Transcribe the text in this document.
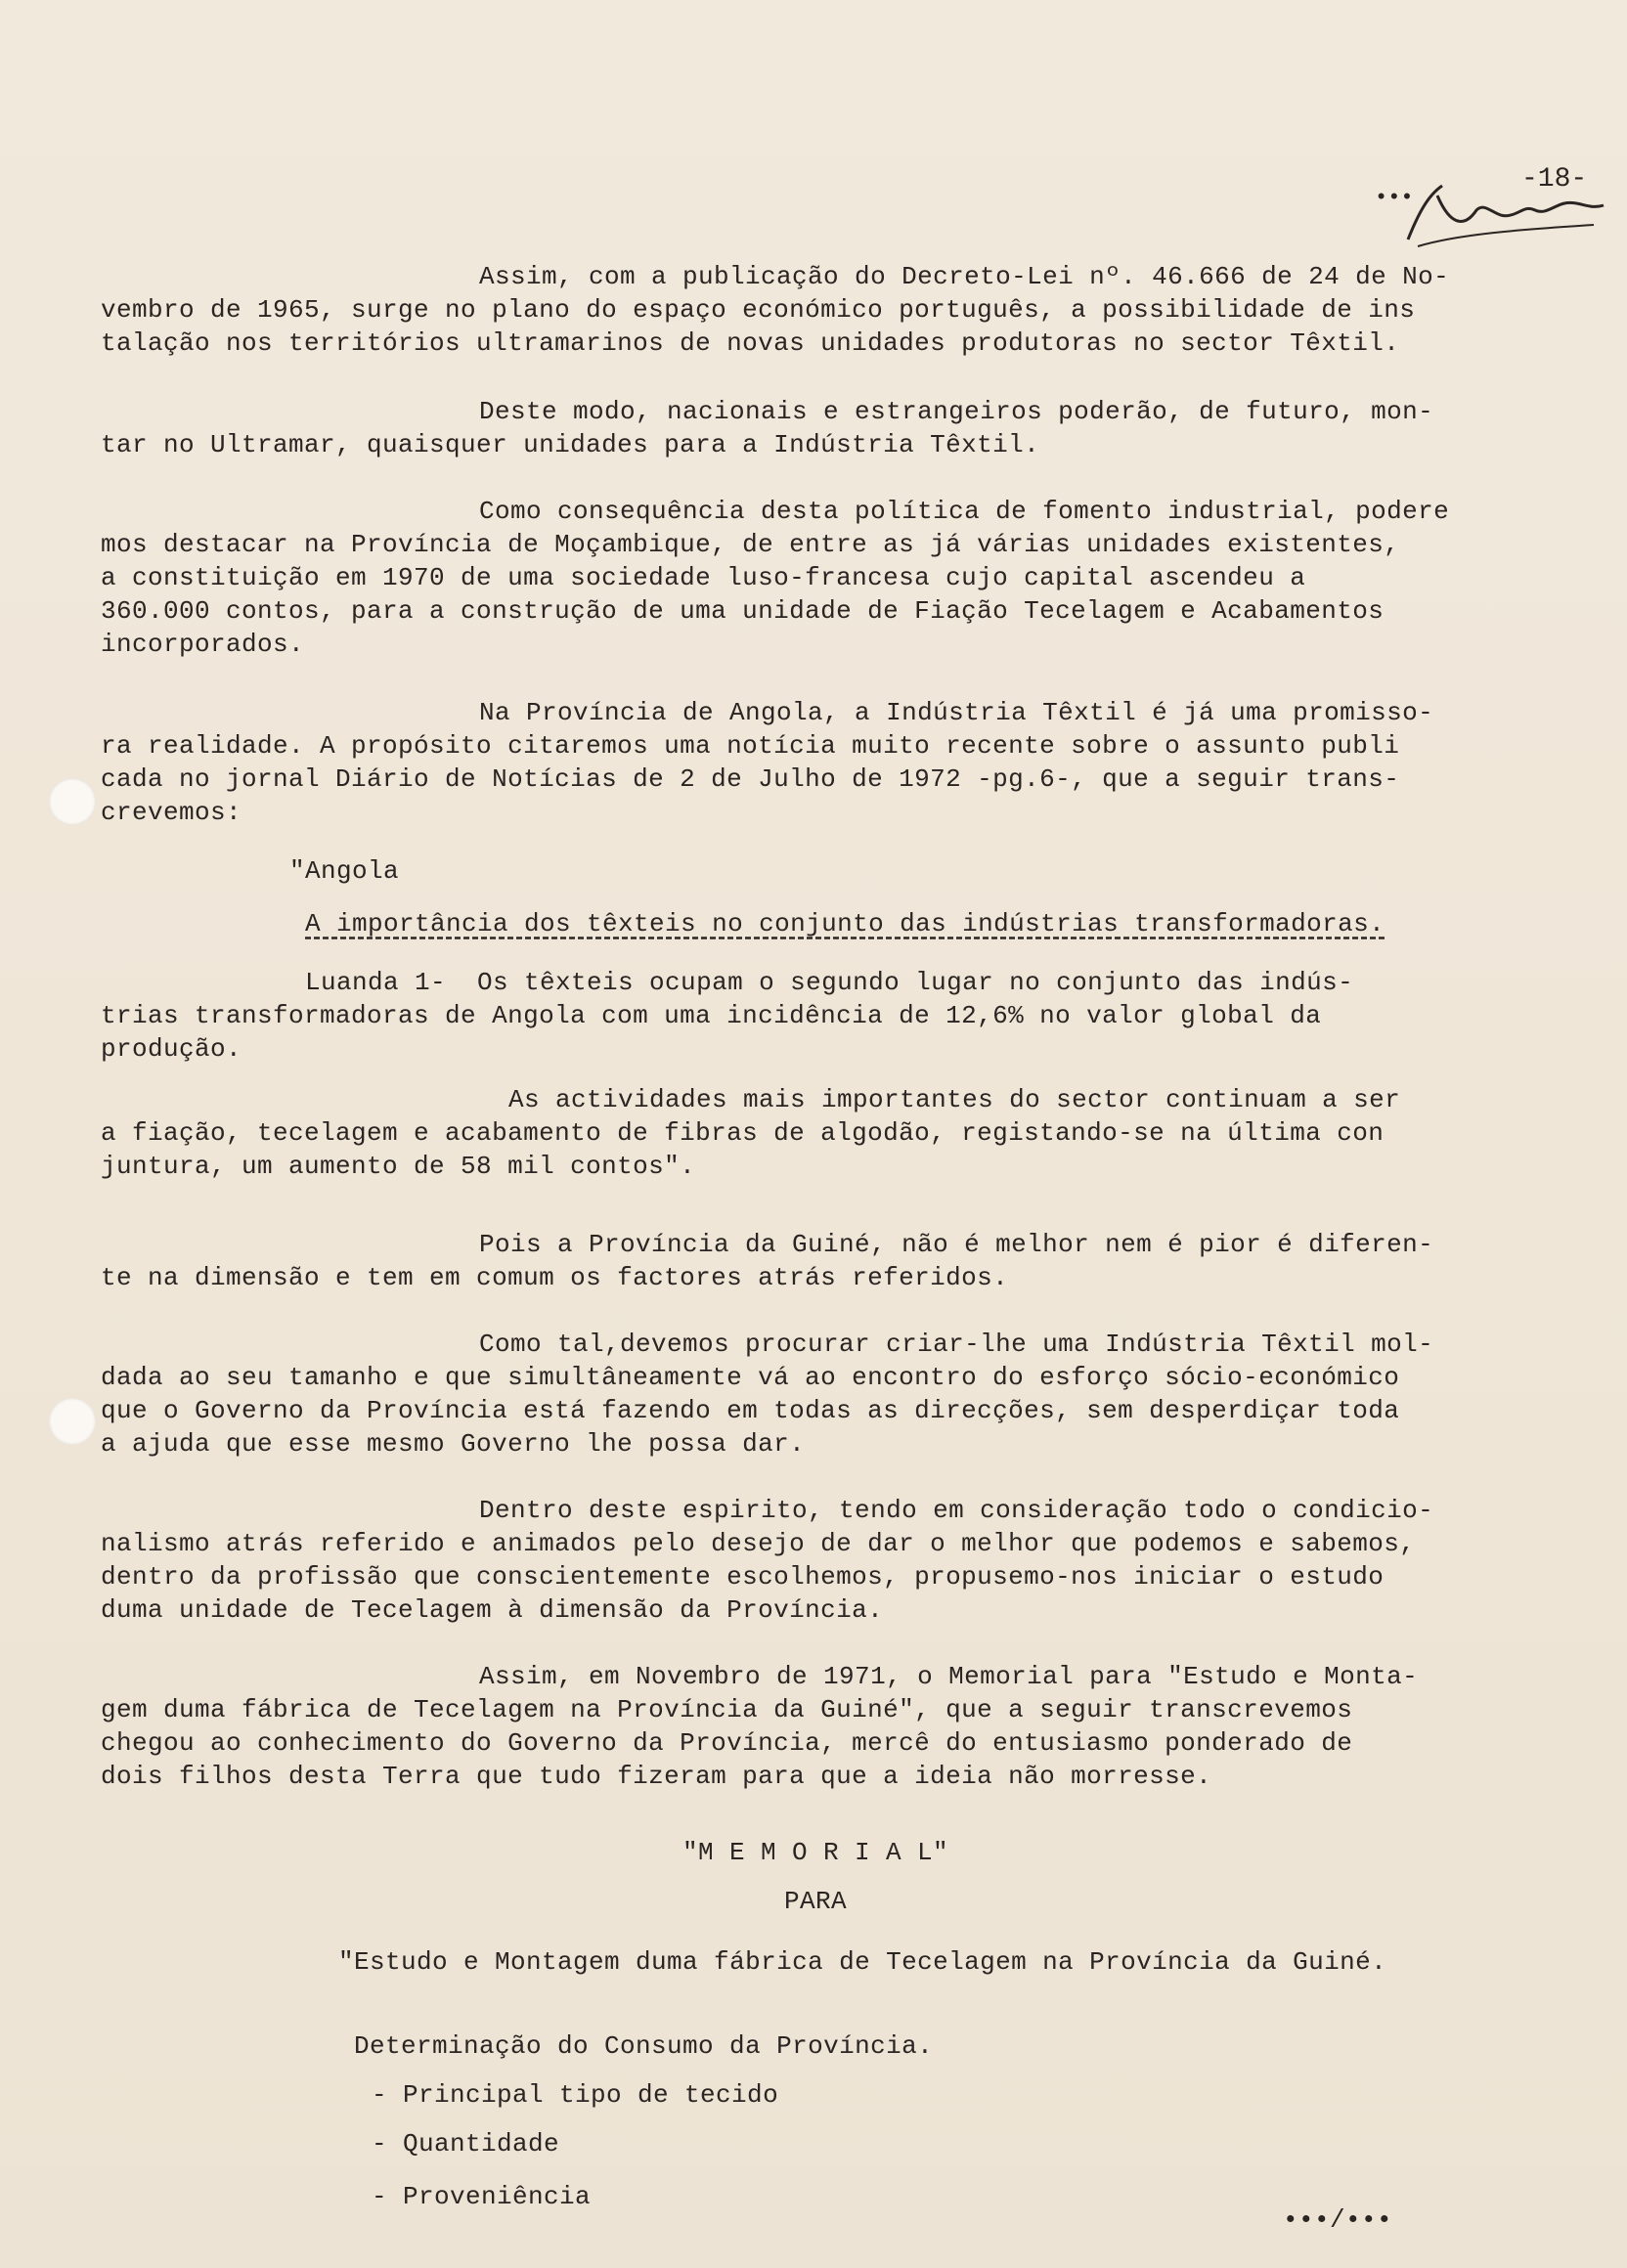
-18-
•••
Assim, com a publicação do Decreto-Lei nº. 46.666 de 24 de No-
vembro de 1965, surge no plano do espaço económico português, a possibilidade de ins
talação nos territórios ultramarinos de novas unidades produtoras no sector Têxtil.
Deste modo, nacionais e estrangeiros poderão, de futuro, mon-
tar no Ultramar, quaisquer unidades para a Indústria Têxtil.
Como consequência desta política de fomento industrial, podere
mos destacar na Província de Moçambique, de entre as já várias unidades existentes,
a constituição em 1970 de uma sociedade luso-francesa cujo capital ascendeu a
360.000 contos, para a construção de uma unidade de Fiação Tecelagem e Acabamentos
incorporados.
Na Província de Angola, a Indústria Têxtil é já uma promisso-
ra realidade. A propósito citaremos uma notícia muito recente sobre o assunto publi
cada no jornal Diário de Notícias de 2 de Julho de 1972 -pg.6-, que a seguir trans-
crevemos:
"Angola
A importância dos têxteis no conjunto das indústrias transformadoras.
Luanda 1-  Os têxteis ocupam o segundo lugar no conjunto das indús-
trias transformadoras de Angola com uma incidência de 12,6% no valor global da
produção.
As actividades mais importantes do sector continuam a ser
a fiação, tecelagem e acabamento de fibras de algodão, registando-se na última con
juntura, um aumento de 58 mil contos".
Pois a Província da Guiné, não é melhor nem é pior é diferen-
te na dimensão e tem em comum os factores atrás referidos.
Como tal,devemos procurar criar-lhe uma Indústria Têxtil mol-
dada ao seu tamanho e que simultâneamente vá ao encontro do esforço sócio-económico
que o Governo da Província está fazendo em todas as direcções, sem desperdiçar toda
a ajuda que esse mesmo Governo lhe possa dar.
Dentro deste espirito, tendo em consideração todo o condicio-
nalismo atrás referido e animados pelo desejo de dar o melhor que podemos e sabemos,
dentro da profissão que conscientemente escolhemos, propusemo-nos iniciar o estudo
duma unidade de Tecelagem à dimensão da Província.
Assim, em Novembro de 1971, o Memorial para "Estudo e Monta-
gem duma fábrica de Tecelagem na Província da Guiné", que a seguir transcrevemos
chegou ao conhecimento do Governo da Província, mercê do entusiasmo ponderado de
dois filhos desta Terra que tudo fizeram para que a ideia não morresse.
"M E M O R I A L"
PARA
"Estudo e Montagem duma fábrica de Tecelagem na Província da Guiné.
Determinação do Consumo da Província.
- Principal tipo de tecido
- Quantidade
- Proveniência
•••/•••
